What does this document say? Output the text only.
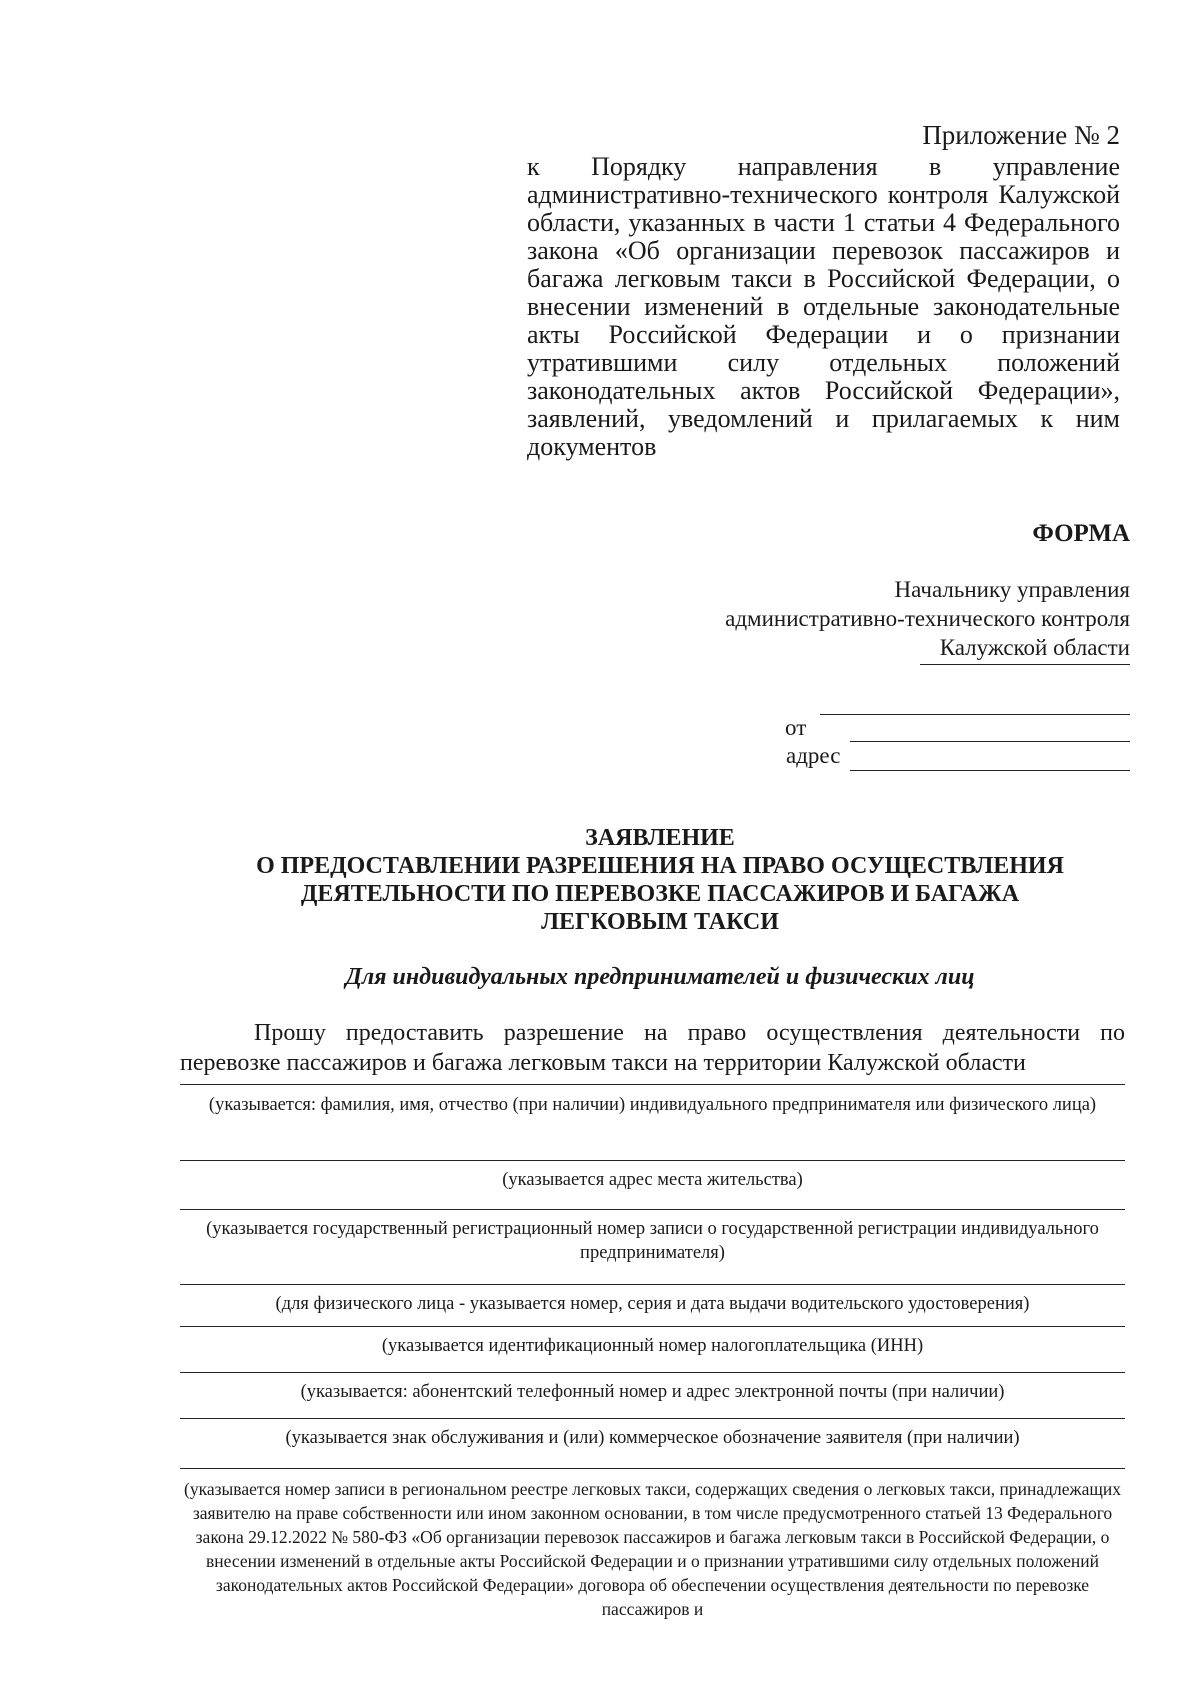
Приложение № 2
к Порядку направления в управление административно-технического контроля Калужской области, указанных в части 1 статьи 4 Федерального закона «Об организации перевозок пассажиров и багажа легковым такси в Российской Федерации, о внесении изменений в отдельные законодательные акты Российской Федерации и о признании утратившими силу отдельных положений законодательных актов Российской Федерации», заявлений, уведомлений и прилагаемых к ним документов
ФОРМА
Начальнику управления
административно-технического контроля
Калужской области
от
адрес
ЗАЯВЛЕНИЕ
О ПРЕДОСТАВЛЕНИИ РАЗРЕШЕНИЯ НА ПРАВО ОСУЩЕСТВЛЕНИЯ
ДЕЯТЕЛЬНОСТИ ПО ПЕРЕВОЗКЕ ПАССАЖИРОВ И БАГАЖА
ЛЕГКОВЫМ ТАКСИ
Для индивидуальных предпринимателей и физических лиц
Прошу предоставить разрешение на право осуществления деятельности по перевозке пассажиров и багажа легковым такси на территории Калужской области
(указывается: фамилия, имя, отчество (при наличии) индивидуального предпринимателя или физического лица)
(указывается адрес места жительства)
(указывается государственный регистрационный номер записи о государственной регистрации индивидуального предпринимателя)
(для физического лица - указывается номер, серия и дата выдачи водительского удостоверения)
(указывается идентификационный номер налогоплательщика (ИНН)
(указывается: абонентский телефонный номер и адрес электронной почты (при наличии)
(указывается знак обслуживания и (или) коммерческое обозначение заявителя (при наличии)
(указывается номер записи в региональном реестре легковых такси, содержащих сведения о легковых такси, принадлежащих заявителю на праве собственности или ином законном основании, в том числе предусмотренного статьей 13 Федерального закона 29.12.2022 № 580-ФЗ «Об организации перевозок пассажиров и багажа легковым такси в Российской Федерации, о внесении изменений в отдельные акты Российской Федерации и о признании утратившими силу отдельных положений законодательных актов Российской Федерации» договора об обеспечении осуществления деятельности по перевозке пассажиров и
